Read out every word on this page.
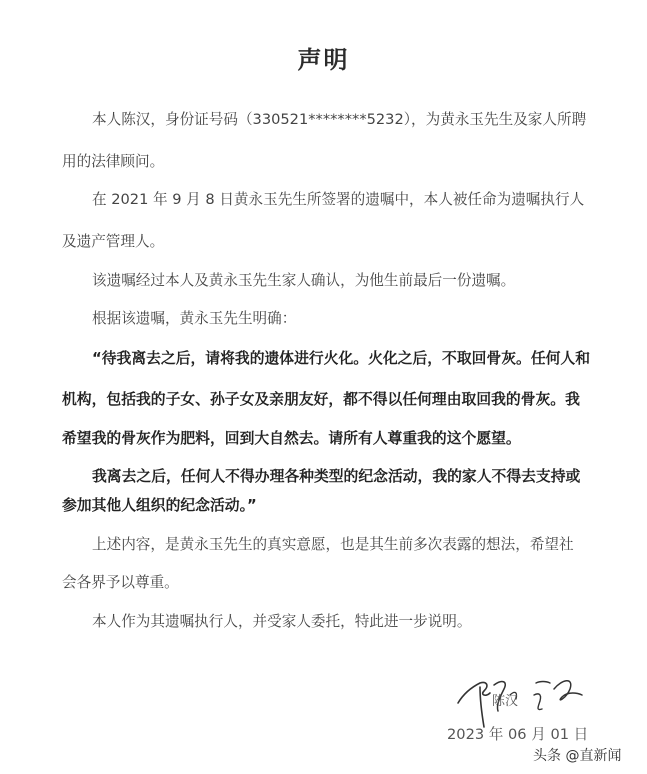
声明
本人陈汉，身份证号码（330521********5232），为黄永玉先生及家人所聘
用的法律顾问。
在 2021 年 9 月 8 日黄永玉先生所签署的遗嘱中，本人被任命为遗嘱执行人
及遗产管理人。
该遗嘱经过本人及黄永玉先生家人确认，为他生前最后一份遗嘱。
根据该遗嘱，黄永玉先生明确：
“待我离去之后，请将我的遗体进行火化。火化之后，不取回骨灰。任何人和
机构，包括我的子女、孙子女及亲朋友好，都不得以任何理由取回我的骨灰。我
希望我的骨灰作为肥料，回到大自然去。请所有人尊重我的这个愿望。
我离去之后，任何人不得办理各种类型的纪念活动，我的家人不得去支持或
参加其他人组织的纪念活动。”
上述内容，是黄永玉先生的真实意愿，也是其生前多次表露的想法，希望社
会各界予以尊重。
本人作为其遗嘱执行人，并受家人委托，特此进一步说明。
陈汉
2023 年 06 月 01 日
头条 @直新闻
